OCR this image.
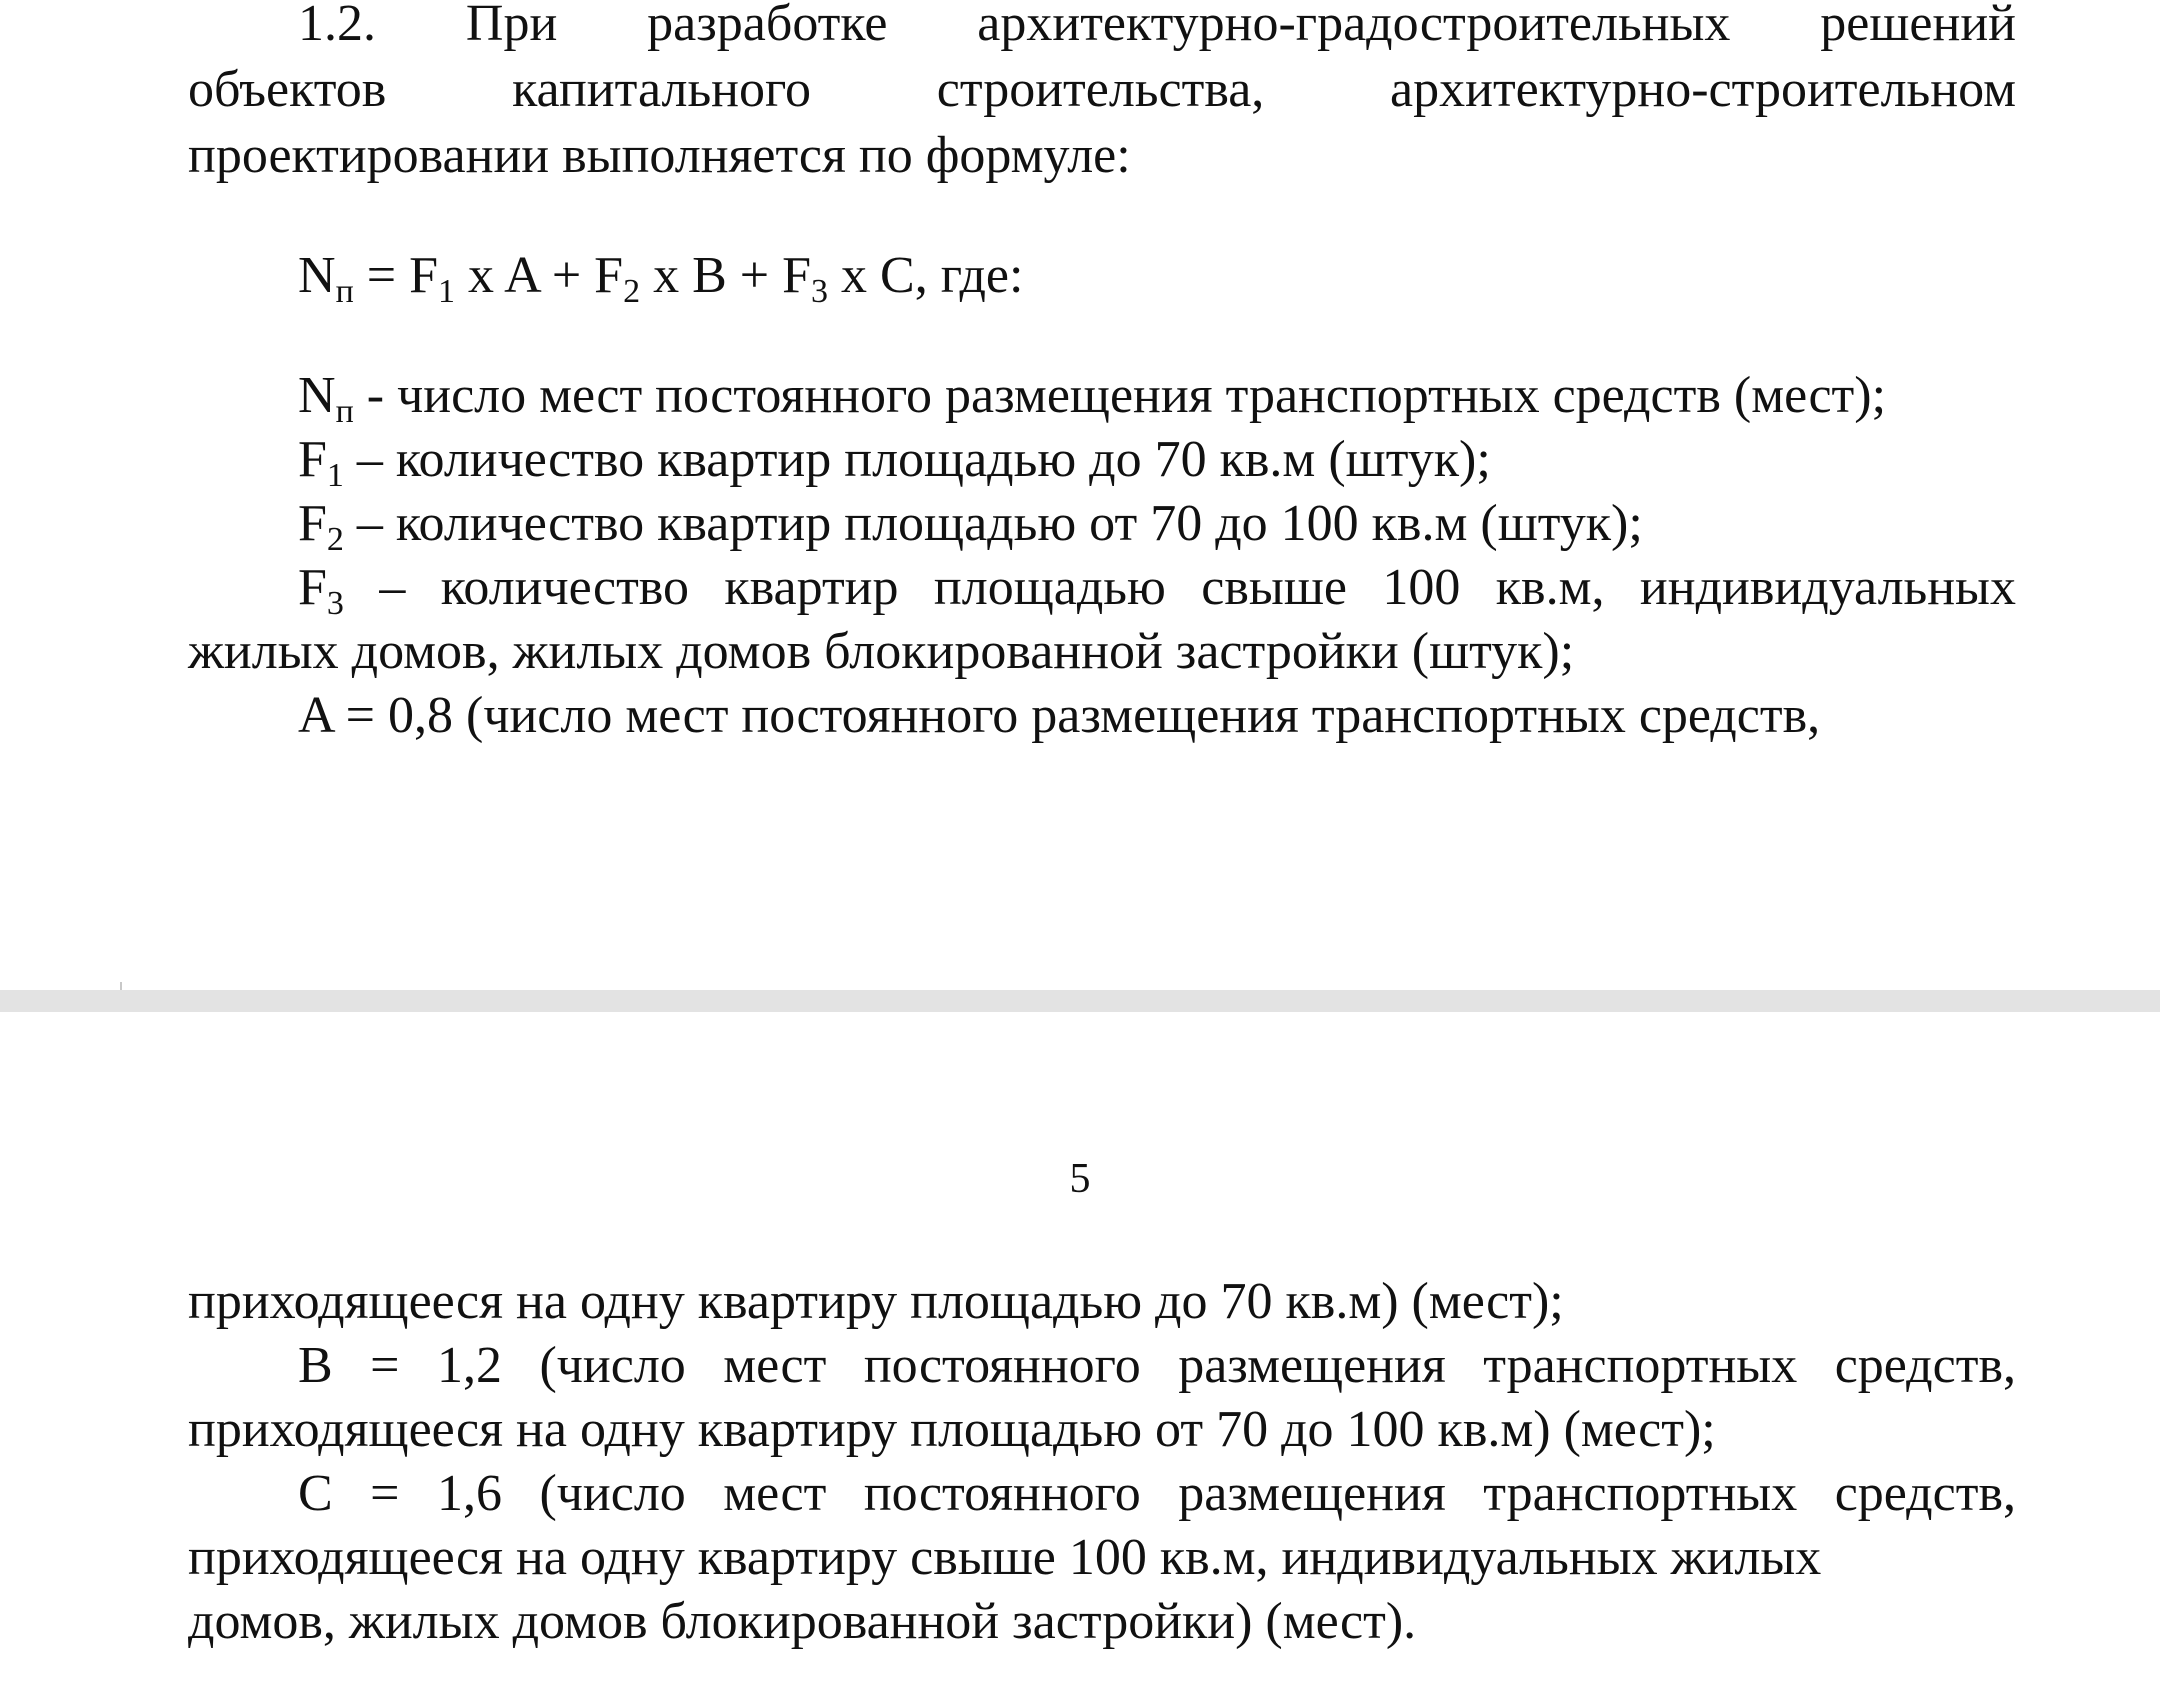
1.2. При разработке архитектурно-градостроительных решений
объектов капитального строительства, архитектурно-строительном
проектировании выполняется по формуле:
$N_п = F_1$ x $A + F_2$ x $B + F_3$ x C, где:
$N_п$ - число мест постоянного размещения транспортных средств (мест);
$F_1$ – количество квартир площадью до 70 кв.м (штук);
$F_2$ – количество квартир площадью от 70 до 100 кв.м (штук);
$F_3$ – количество квартир площадью свыше 100 кв.м, индивидуальных
жилых домов, жилых домов блокированной застройки (штук);
A = 0,8 (число мест постоянного размещения транспортных средств,
5
приходящееся на одну квартиру площадью до 70 кв.м) (мест);
B = 1,2 (число мест постоянного размещения транспортных средств,
приходящееся на одну квартиру площадью от 70 до 100 кв.м) (мест);
C = 1,6 (число мест постоянного размещения транспортных средств,
приходящееся на одну квартиру свыше 100 кв.м, индивидуальных жилых
домов, жилых домов блокированной застройки) (мест).
